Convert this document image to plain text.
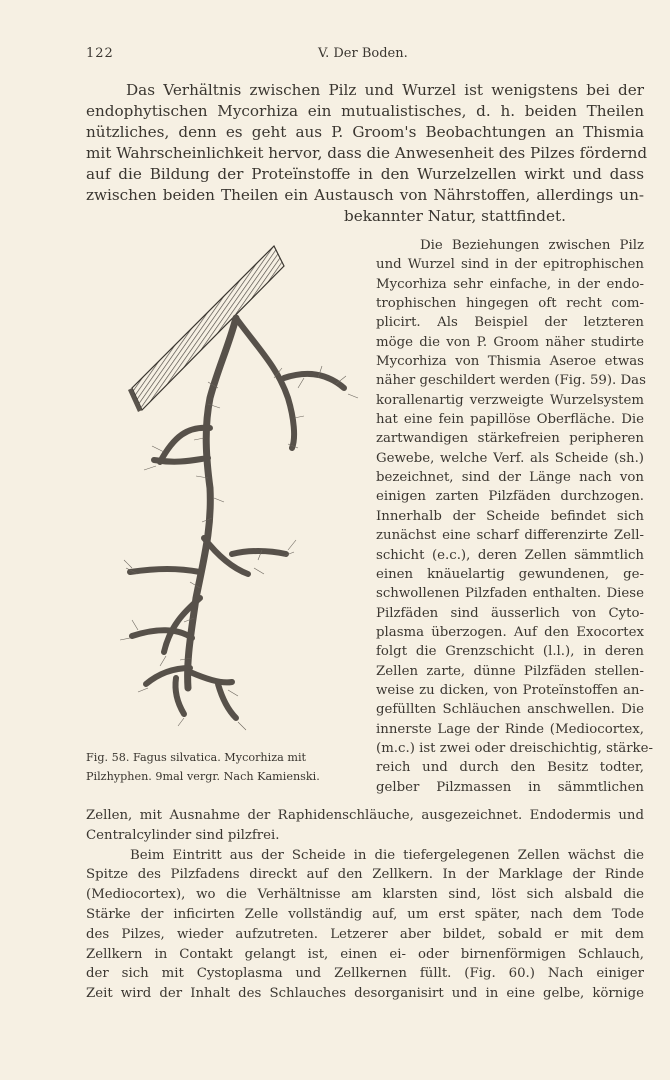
122	V. Der Boden.
Das Verhältnis zwischen Pilz und Wurzel ist wenigstens bei der
endophytischen Mycorhiza ein mutualistisches, d. h. beiden Theilen
nützliches, denn es geht aus P. Groom's Beobachtungen an Thismia
mit Wahrscheinlichkeit hervor, dass die Anwesenheit des Pilzes fördernd
auf die Bildung der Proteïnstoffe in den Wurzelzellen wirkt und dass
zwischen beiden Theilen ein Austausch von Nährstoffen, allerdings un-
bekannter Natur, stattfindet.
Fig. 58. Fagus silvatica. Mycorhiza mit
Pilzhyphen. 9mal vergr. Nach Kamienski.
Die Beziehungen zwischen Pilz
und Wurzel sind in der epitrophischen
Mycorhiza sehr einfache, in der endo-
trophischen hingegen oft recht com-
plicirt. Als Beispiel der letzteren
möge die von P. Groom näher studirte
Mycorhiza von Thismia Aseroe etwas
näher geschildert werden (Fig. 59). Das
korallenartig verzweigte Wurzelsystem
hat eine fein papillöse Oberfläche. Die
zartwandigen stärkefreien peripheren
Gewebe, welche Verf. als Scheide (sh.)
bezeichnet, sind der Länge nach von
einigen zarten Pilzfäden durchzogen.
Innerhalb der Scheide befindet sich
zunächst eine scharf differenzirte Zell-
schicht (e.c.), deren Zellen sämmtlich
einen knäuelartig gewundenen, ge-
schwollenen Pilzfaden enthalten. Diese
Pilzfäden sind äusserlich von Cyto-
plasma überzogen. Auf den Exocortex
folgt die Grenzschicht (l.l.), in deren
Zellen zarte, dünne Pilzfäden stellen-
weise zu dicken, von Proteïnstoffen an-
gefüllten Schläuchen anschwellen. Die
innerste Lage der Rinde (Mediocortex,
(m.c.) ist zwei oder dreischichtig, stärke-
reich und durch den Besitz todter,
gelber Pilzmassen in sämmtlichen
Zellen, mit Ausnahme der Raphidenschläuche, ausgezeichnet. Endodermis und
Centralcylinder sind pilzfrei.
Beim Eintritt aus der Scheide in die tiefergelegenen Zellen wächst die
Spitze des Pilzfadens direckt auf den Zellkern. In der Marklage der Rinde
(Mediocortex), wo die Verhältnisse am klarsten sind, löst sich alsbald die
Stärke der inficirten Zelle vollständig auf, um erst später, nach dem Tode
des Pilzes, wieder aufzutreten. Letzerer aber bildet, sobald er mit dem
Zellkern in Contakt gelangt ist, einen ei- oder birnenförmigen Schlauch,
der sich mit Cystoplasma und Zellkernen füllt. (Fig. 60.) Nach einiger
Zeit wird der Inhalt des Schlauches desorganisirt und in eine gelbe, körnige
